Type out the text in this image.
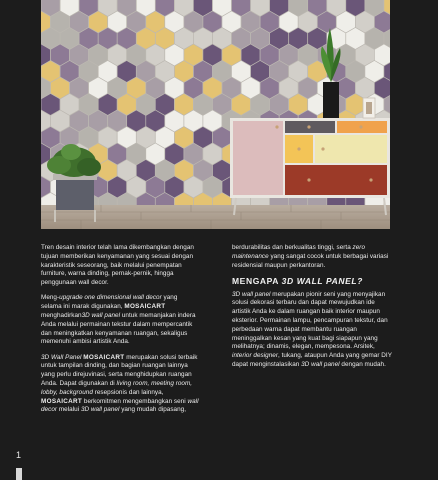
Tren desain interior telah lama dikembangkan dengan tujuan memberikan kenyamanan yang sesuai dengan karakteristik seseorang, baik melalui penempatan furniture, warna dinding, pernak-pernik, hingga penggunaan wall decor.

Meng-upgrade one dimensional wall decor yang selama ini marak digunakan, MOSAICART menghadirkan3D wall panel untuk memanjakan indera Anda melalui permainan tekstur dalam mempercantik dan meningkatkan kenyamanan ruangan, sekaligus memenuhi ambisi artistik Anda.

3D Wall Panel MOSAICART merupakan solusi terbaik untuk tampilan dinding, dan bagian ruangan lainnya yang perlu direjuvinasi, serta menghidupkan ruangan Anda. Dapat digunakan di living room, meeting room, lobby, background resepsionis dan lainnya, MOSAICART berkomitmen mengembangkan seni wall decor melalui 3D wall panel yang mudah dipasang,

berdurabilitas dan berkualitas tinggi, serta zero maintenance yang sangat cocok untuk berbagai variasi residensial maupun perkantoran.

MENGAPA 3D WALL PANEL?

3D wall panel merupakan pionir seni yang menyajikan solusi dekorasi terbaru dan dapat mewujudkan ide artistik Anda ke dalam ruangan baik interior maupun eksterior. Permainan lampu, pencampuran tekstur, dan perbedaan warna dapat membantu ruangan meninggalkan kesan yang kuat bagi siapapun yang melihatnya; dinamis, elegan, mempesona. Arsitek, interior designer, tukang, ataupun Anda yang gemar DIY dapat menginstalasikan 3D wall panel dengan mudah.

1
